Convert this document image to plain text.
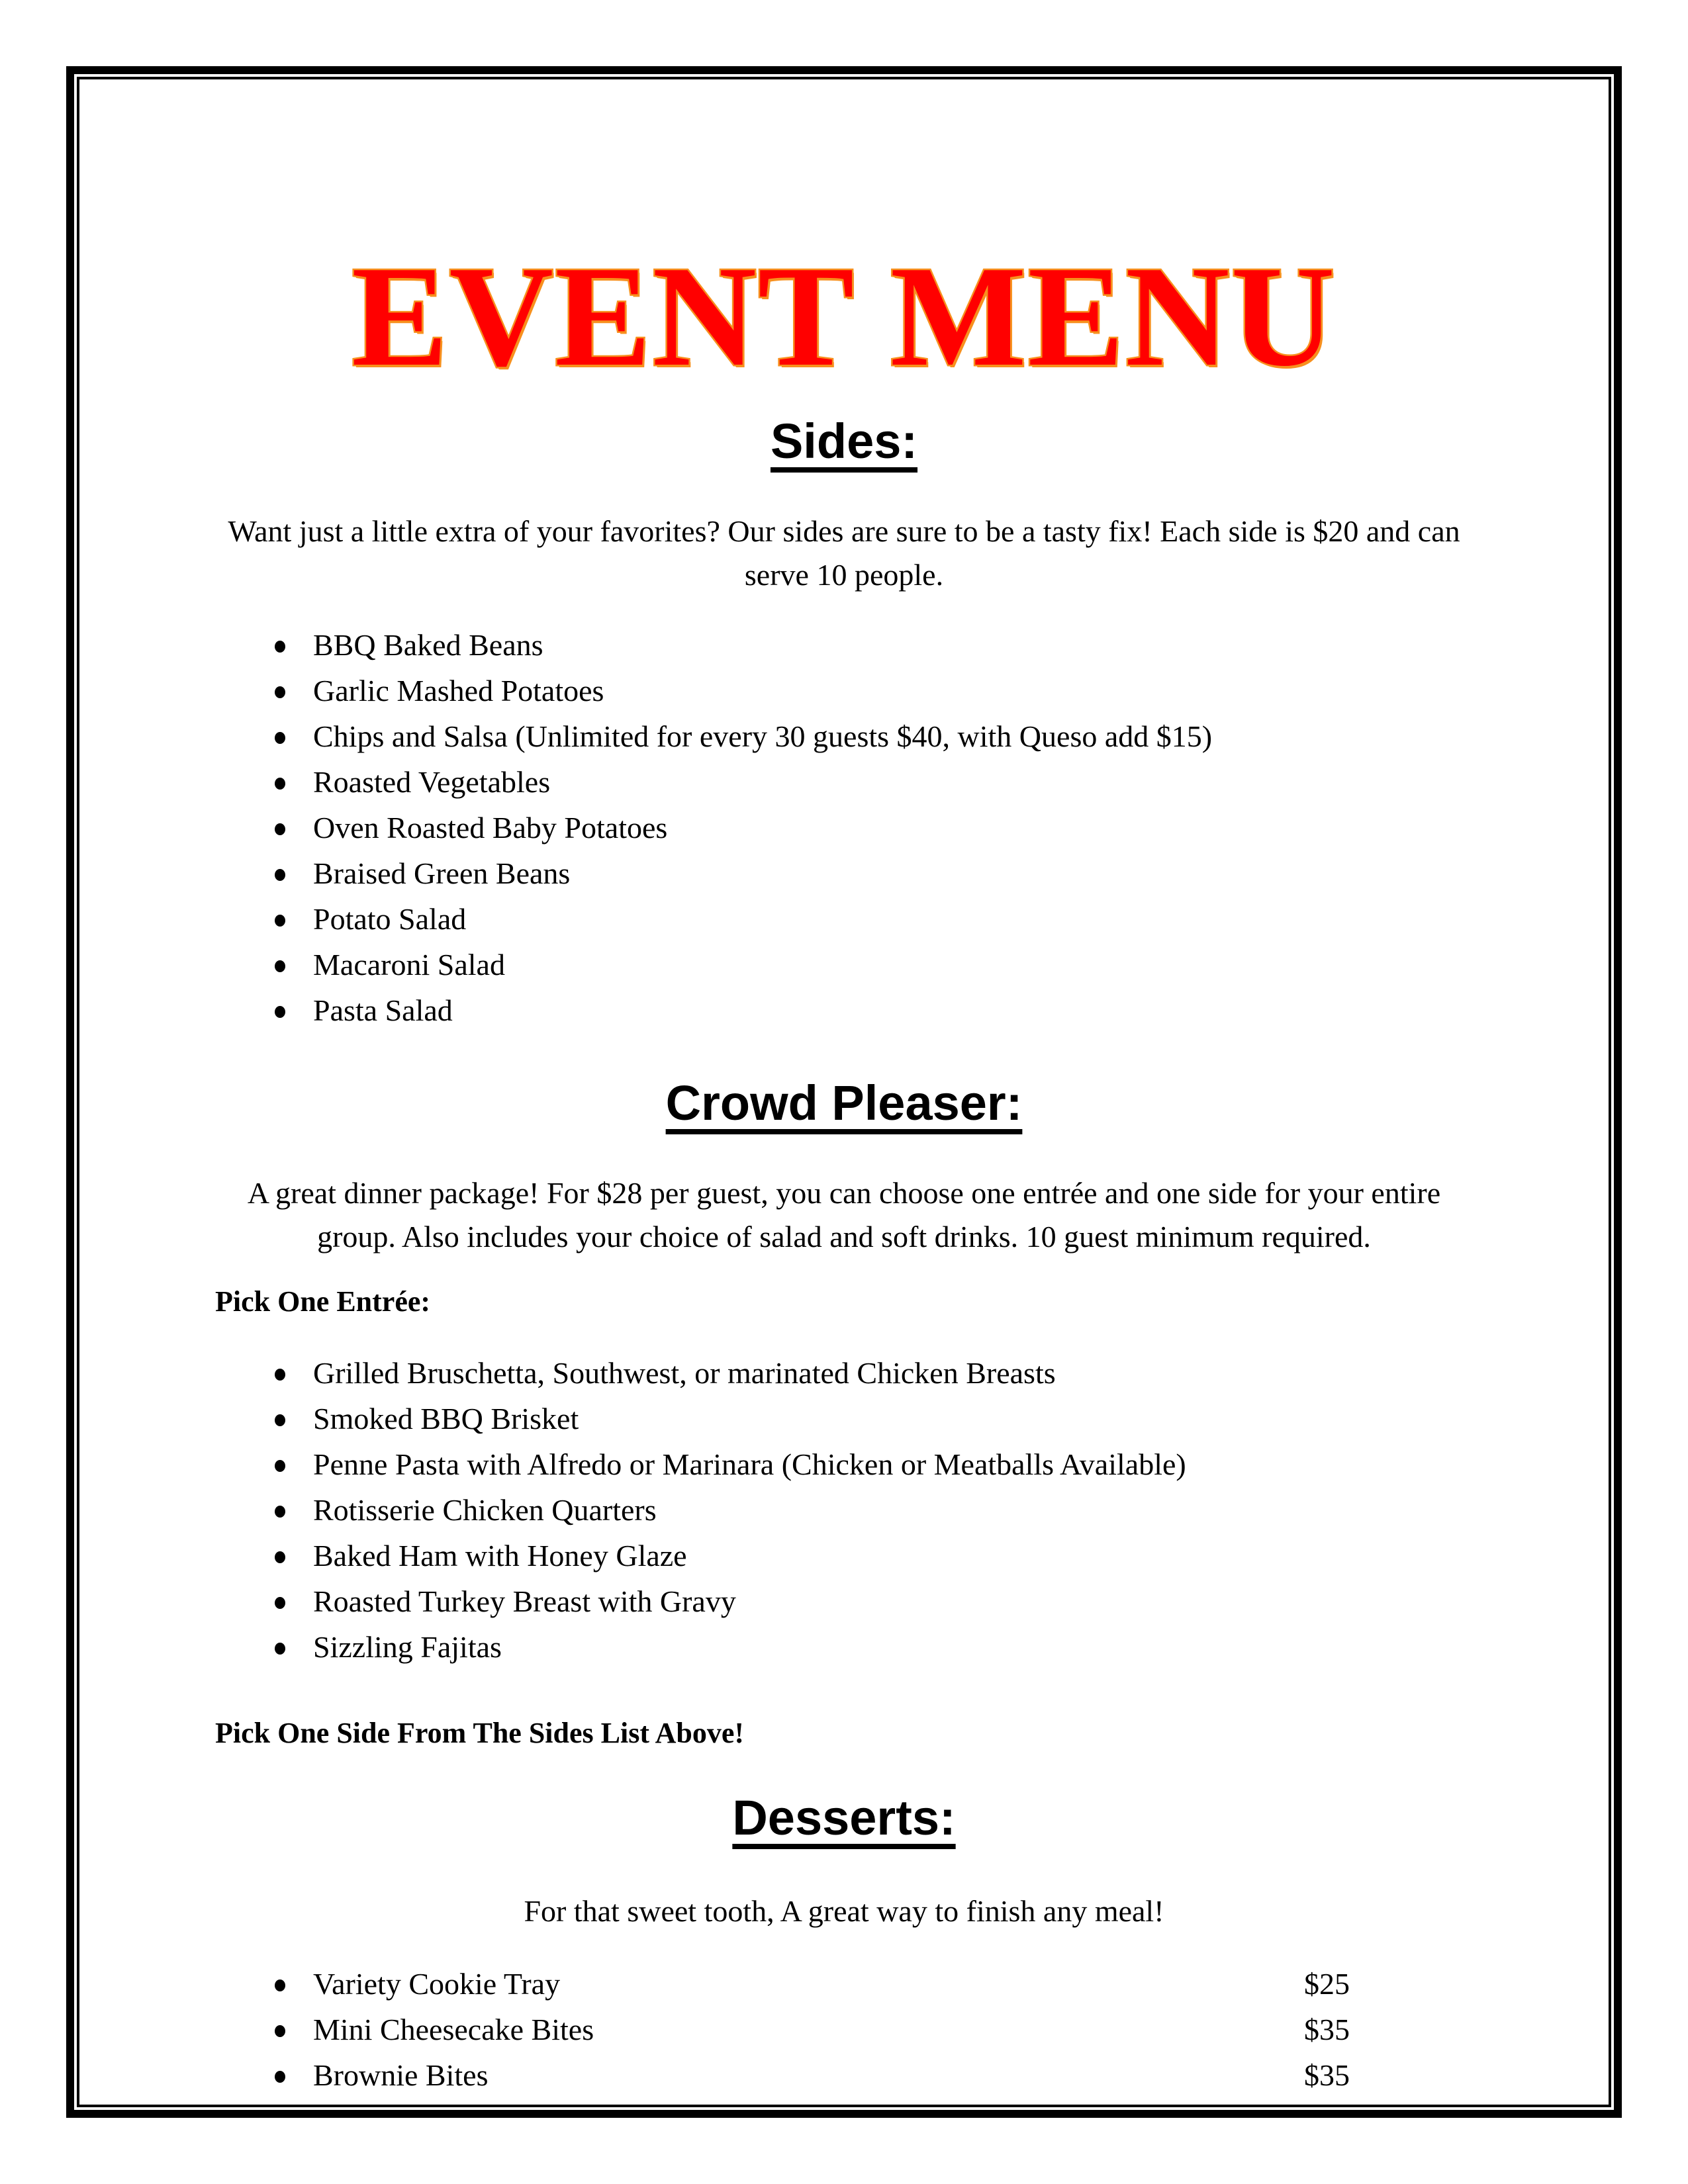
EVENT MENU
Sides:
Want just a little extra of your favorites? Our sides are sure to be a tasty fix! Each side is $20 and can serve 10 people.
BBQ Baked Beans
Garlic Mashed Potatoes
Chips and Salsa (Unlimited for every 30 guests $40, with Queso add $15)
Roasted Vegetables
Oven Roasted Baby Potatoes
Braised Green Beans
Potato Salad
Macaroni Salad
Pasta Salad
Crowd Pleaser:
A great dinner package! For $28 per guest, you can choose one entrée and one side for your entire group. Also includes your choice of salad and soft drinks. 10 guest minimum required.
Pick One Entrée:
Grilled Bruschetta, Southwest, or marinated Chicken Breasts
Smoked BBQ Brisket
Penne Pasta with Alfredo or Marinara (Chicken or Meatballs Available)
Rotisserie Chicken Quarters
Baked Ham with Honey Glaze
Roasted Turkey Breast with Gravy
Sizzling Fajitas
Pick One Side From The Sides List Above!
Desserts:
For that sweet tooth, A great way to finish any meal!
Variety Cookie Tray	$25
Mini Cheesecake Bites	$35
Brownie Bites	$35
